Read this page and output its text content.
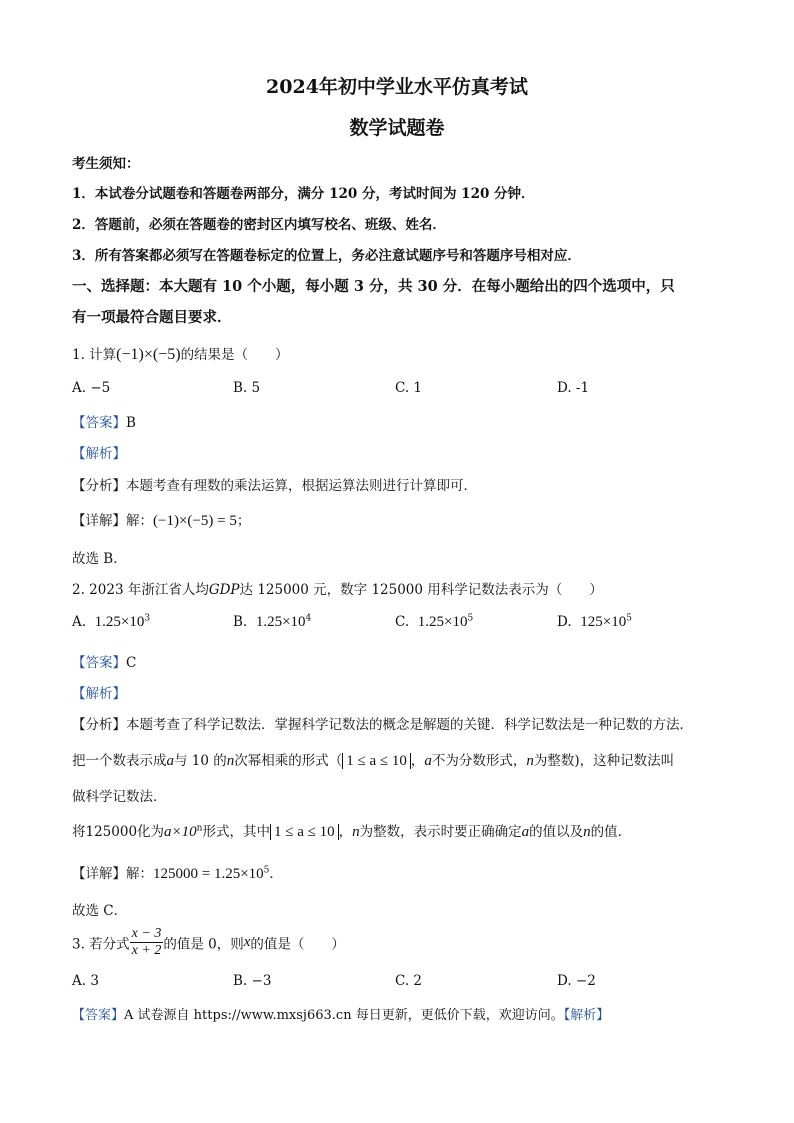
2024年初中学业水平仿真考试
数学试题卷
考生须知：
1．本试卷分试题卷和答题卷两部分，满分 120 分，考试时间为 120 分钟．
2．答题前，必须在答题卷的密封区内填写校名、班级、姓名．
3．所有答案都必须写在答题卷标定的位置上，务必注意试题序号和答题序号相对应．
一、选择题：本大题有 10 个小题，每小题 3 分，共 30 分．在每小题给出的四个选项中，只
有一项最符合题目要求．
1. 计算(−1)×(−5)的结果是（　　）
A. −5	B. 5	C. 1	D. -1
【答案】B
【解析】
【分析】本题考查有理数的乘法运算，根据运算法则进行计算即可．
【详解】解：(−1)×(−5) = 5；
故选 B．
2. 2023 年浙江省人均GDP达 125000 元，数字 125000 用科学记数法表示为（　　）
A. $1.25\times 10^3$	B. $1.25\times 10^4$	C. $1.25\times 10^5$	D. $125\times 10^5$
【答案】C
【解析】
【分析】本题考查了科学记数法．掌握科学记数法的概念是解题的关键．科学记数法是一种记数的方法．
把一个数表示成a与 10 的n次幂相乘的形式（ 1 ≤ a ≤ 10 ，a不为分数形式，n为整数)，这种记数法叫
做科学记数法．
将125000化为$a\times 10^n$形式，其中 1 ≤ a ≤ 10 ，n为整数，表示时要正确确定a的值以及n的值．
【详解】解：$125000 = 1.25\times 10^5$．
故选 C．
3. 若分式 $\frac{x - 3}{x + 2}$ 的值是 0，则x的值是（　　）
A. 3	B. −3	C. 2	D. −2
【答案】A 试卷源自 https://www.mxsj663.cn 每日更新，更低价下载，欢迎访问。【解析】
